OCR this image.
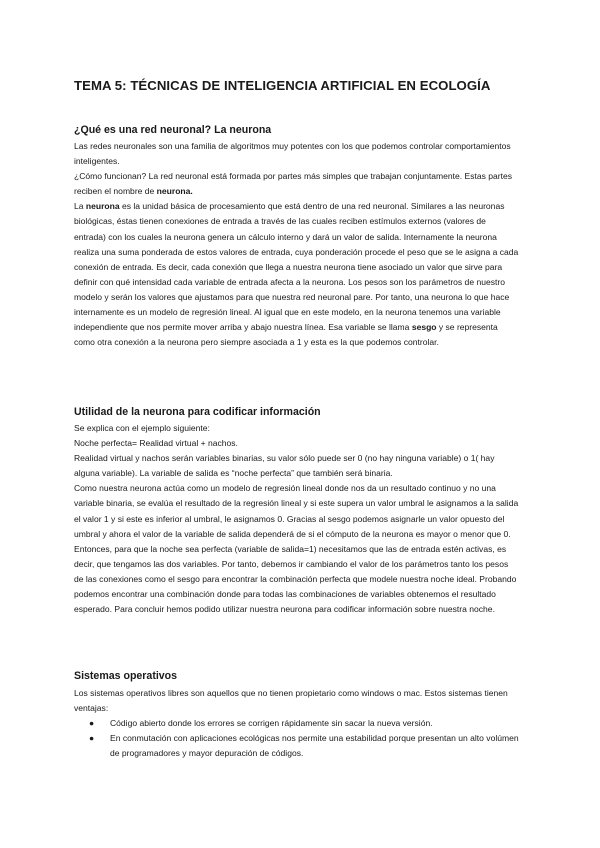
TEMA 5: TÉCNICAS DE INTELIGENCIA ARTIFICIAL EN ECOLOGÍA
¿Qué es una red neuronal? La neurona

Las redes neuronales son una familia de algoritmos muy potentes con los que podemos controlar comportamientos inteligentes.

¿Cómo funcionan? La red neuronal está formada por partes más simples que trabajan conjuntamente. Estas partes reciben el nombre de neurona.

La neurona es la unidad básica de procesamiento que está dentro de una red neuronal. Similares a las neuronas biológicas, éstas tienen conexiones de entrada a través de las cuales reciben estímulos externos (valores de entrada) con los cuales la neurona genera un cálculo interno y dará un valor de salida. Internamente la neurona realiza una suma ponderada de estos valores de entrada, cuya ponderación procede el peso que se le asigna a cada conexión de entrada. Es decir, cada conexión que llega a nuestra neurona tiene asociado un valor que sirve para definir con qué intensidad cada variable de entrada afecta a la neurona. Los pesos son los parámetros de nuestro modelo y serán los valores que ajustamos para que nuestra red neuronal pare. Por tanto, una neurona lo que hace internamente es un modelo de regresión lineal. Al igual que en este modelo, en la neurona tenemos una variable independiente que nos permite mover arriba y abajo nuestra línea. Esa variable se llama sesgo y se representa como otra conexión a la neurona pero siempre asociada a 1 y esta es la que podemos controlar.

Utilidad de la neurona para codificar información

Se explica con el ejemplo siguiente:

Noche perfecta= Realidad virtual + nachos.

Realidad virtual y nachos serán variables binarias, su valor sólo puede ser 0 (no hay ninguna variable) o 1( hay alguna variable). La variable de salida es “noche perfecta” que también será binaria.

Como nuestra neurona actúa como un modelo de regresión lineal donde nos da un resultado continuo y no una variable binaria, se evalúa el resultado de la regresión lineal y si este supera un valor umbral le asignamos a la salida el valor 1 y si este es inferior al umbral, le asignamos 0. Gracias al sesgo podemos asignarle un valor opuesto del umbral y ahora el valor de la variable de salida dependerá de si el cómputo de la neurona es mayor o menor que 0.

Entonces, para que la noche sea perfecta (variable de salida=1) necesitamos que las de entrada estén activas, es decir, que tengamos las dos variables. Por tanto, debemos ir cambiando el valor de los parámetros tanto los pesos de las conexiones como el sesgo para encontrar la combinación perfecta que modele nuestra noche ideal. Probando podemos encontrar una combinación donde para todas las combinaciones de variables obtenemos el resultado esperado. Para concluir hemos podido utilizar nuestra neurona para codificar información sobre nuestra noche.

Sistemas operativos
Los sistemas operativos libres son aquellos que no tienen propietario como windows o mac. Estos sistemas tienen ventajas:
● Código abierto donde los errores se corrigen rápidamente sin sacar la nueva versión.
● En conmutación con aplicaciones ecológicas nos permite una estabilidad porque presentan un alto volúmen de programadores y mayor depuración de códigos.
